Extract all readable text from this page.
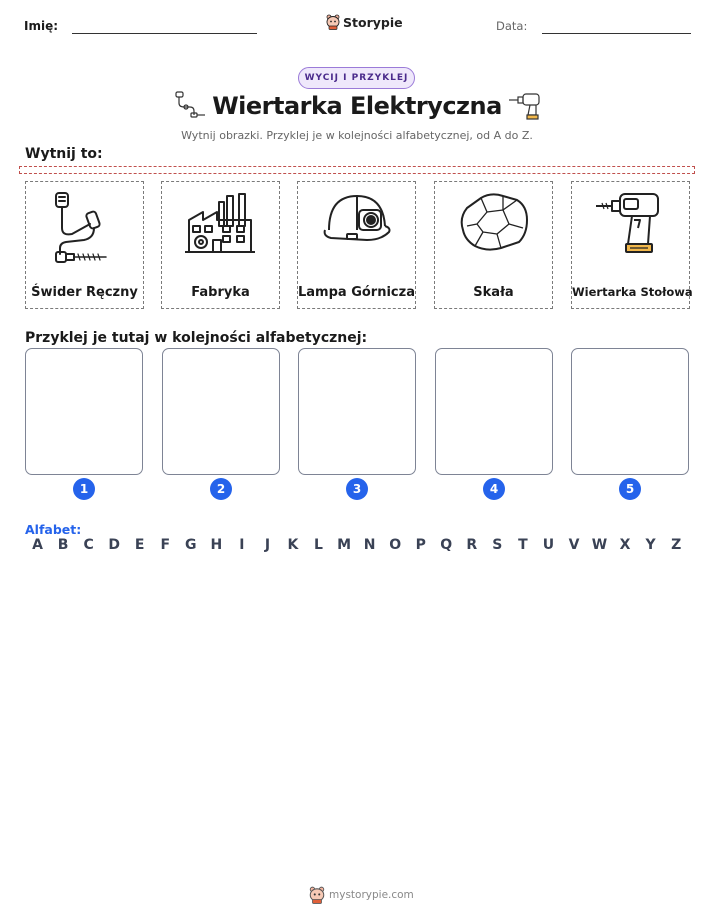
Imię:	Storypie	Data:
WYCIJ I PRZYKLEJ
Wiertarka Elektryczna
Wytnij obrazki. Przyklej je w kolejności alfabetycznej, od A do Z.
Wytnij to:
Świder Ręczny	Fabryka	Lampa Górnicza	Skała	Wiertarka Stołowa
Przyklej je tutaj w kolejności alfabetycznej:
1	2	3	4	5
Alfabet:
A	B	C	D	E	F	G H	I	J	K	L	M N O	P	Q	R	S	T	U	V W X	Y	Z
mystorypie.com
